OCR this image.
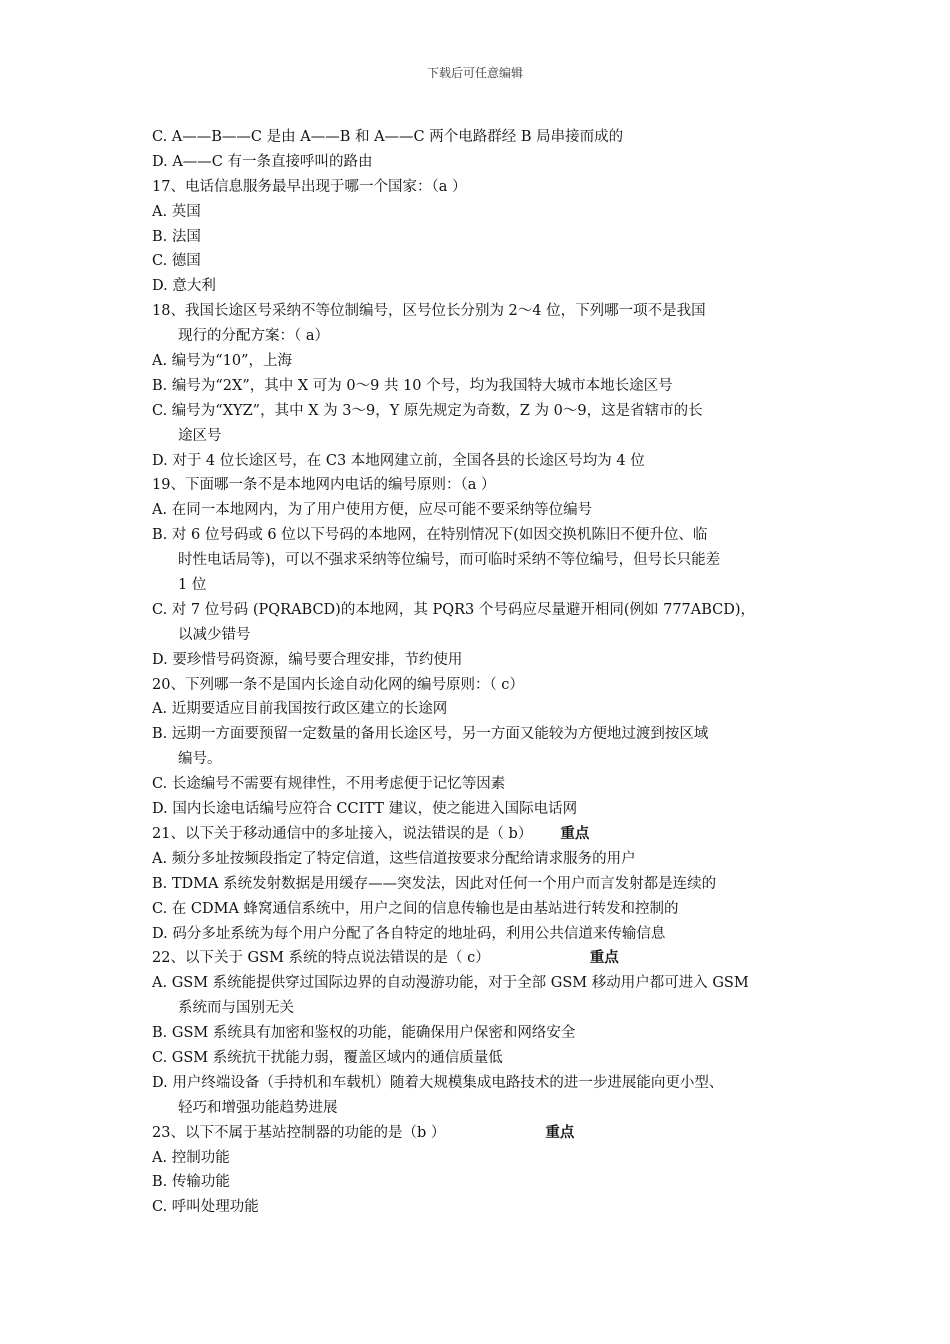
下载后可任意编辑
C. A——B——C 是由 A——B 和 A——C 两个电路群经 B 局串接而成的
D. A——C 有一条直接呼叫的路由
17、电话信息服务最早出现于哪一个国家：（a ）
A. 英国
B. 法国
C. 德国
D. 意大利
18、我国长途区号采纳不等位制编号，区号位长分别为 2～4 位，下列哪一项不是我国
现行的分配方案：（ a）
A. 编号为“10”，上海
B. 编号为“2X”，其中 X 可为 0～9 共 10 个号，均为我国特大城市本地长途区号
C. 编号为“XYZ”，其中 X 为 3～9，Y 原先规定为奇数，Z 为 0～9，这是省辖市的长
途区号
D. 对于 4 位长途区号，在 C3 本地网建立前，全国各县的长途区号均为 4 位
19、下面哪一条不是本地网内电话的编号原则：（a ）
A. 在同一本地网内，为了用户使用方便，应尽可能不要采纳等位编号
B. 对 6 位号码或 6 位以下号码的本地网，在特别情况下(如因交换机陈旧不便升位、临
时性电话局等)，可以不强求采纳等位编号，而可临时采纳不等位编号，但号长只能差
1 位
C. 对 7 位号码 (PQRABCD)的本地网，其 PQR3 个号码应尽量避开相同(例如 777ABCD)，
以减少错号
D. 要珍惜号码资源，编号要合理安排，节约使用
20、下列哪一条不是国内长途自动化网的编号原则：（ c）
A. 近期要适应目前我国按行政区建立的长途网
B. 远期一方面要预留一定数量的备用长途区号，另一方面又能较为方便地过渡到按区域
编号。
C. 长途编号不需要有规律性，不用考虑便于记忆等因素
D. 国内长途电话编号应符合 CCITT 建议，使之能进入国际电话网
21、以下关于移动通信中的多址接入，说法错误的是（ b） 重点
A. 频分多址按频段指定了特定信道，这些信道按要求分配给请求服务的用户
B. TDMA 系统发射数据是用缓存——突发法，因此对任何一个用户而言发射都是连续的
C. 在 CDMA 蜂窝通信系统中，用户之间的信息传输也是由基站进行转发和控制的
D. 码分多址系统为每个用户分配了各自特定的地址码，利用公共信道来传输信息
22、以下关于 GSM 系统的特点说法错误的是（ c）	重点
A. GSM 系统能提供穿过国际边界的自动漫游功能，对于全部 GSM 移动用户都可进入 GSM
系统而与国别无关
B. GSM 系统具有加密和鉴权的功能，能确保用户保密和网络安全
C. GSM 系统抗干扰能力弱，覆盖区域内的通信质量低
D. 用户终端设备（手持机和车载机）随着大规模集成电路技术的进一步进展能向更小型、
轻巧和增强功能趋势进展
23、以下不属于基站控制器的功能的是（b ）	重点
A. 控制功能
B. 传输功能
C. 呼叫处理功能
